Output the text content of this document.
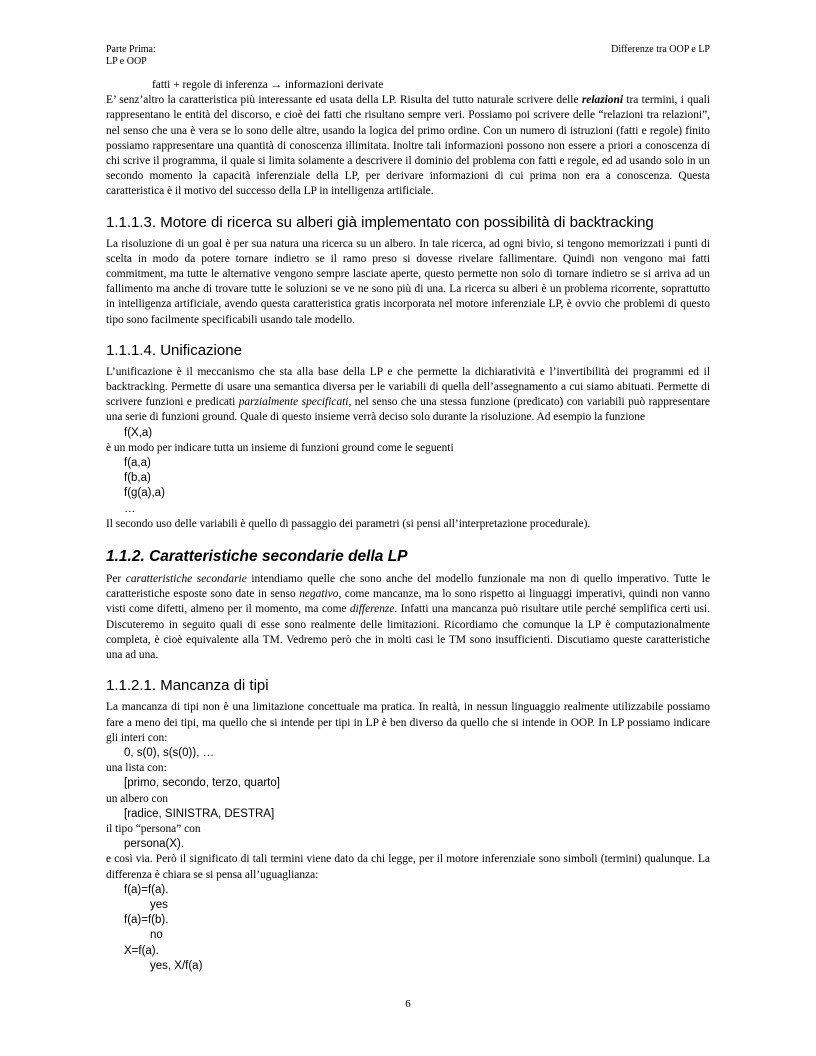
Parte Prima:
LP e OOP
Differenze tra OOP e LP
fatti + regole di inferenza → informazioni derivate

E’ senz’altro la caratteristica più interessante ed usata della LP. Risulta del tutto naturale scrivere delle relazioni tra termini, i quali rappresentano le entità del discorso, e cioè dei fatti che risultano sempre veri. Possiamo poi scrivere delle “relazioni tra relazioni”, nel senso che una è vera se lo sono delle altre, usando la logica del primo ordine. Con un numero di istruzioni (fatti e regole) finito possiamo rappresentare una quantità di conoscenza illimitata. Inoltre tali informazioni possono non essere a priori a conoscenza di chi scrive il programma, il quale si limita solamente a descrivere il dominio del problema con fatti e regole, ed ad usando solo in un secondo momento la capacità inferenziale della LP, per derivare informazioni di cui prima non era a conoscenza. Questa caratteristica è il motivo del successo della LP in intelligenza artificiale.

1.1.1.3. Motore di ricerca su alberi già implementato con possibilità di backtracking

La risoluzione di un goal è per sua natura una ricerca su un albero. In tale ricerca, ad ogni bivio, si tengono memorizzati i punti di scelta in modo da potere tornare indietro se il ramo preso si dovesse rivelare fallimentare. Quindi non vengono mai fatti commitment, ma tutte le alternative vengono sempre lasciate aperte, questo permette non solo di tornare indietro se si arriva ad un fallimento ma anche di trovare tutte le soluzioni se ve ne sono più di una. La ricerca su alberi è un problema ricorrente, soprattutto in intelligenza artificiale, avendo questa caratteristica gratis incorporata nel motore inferenziale LP, è ovvio che problemi di questo tipo sono facilmente specificabili usando tale modello.

1.1.1.4. Unificazione

L’unificazione è il meccanismo che sta alla base della LP e che permette la dichiaratività e l’invertibilità dei programmi ed il backtracking. Permette di usare una semantica diversa per le variabili di quella dell’assegnamento a cui siamo abituati. Permette di scrivere funzioni e predicati parzialmente specificati, nel senso che una stessa funzione (predicato) con variabili può rappresentare una serie di funzioni ground. Quale di questo insieme verrà deciso solo durante la risoluzione. Ad esempio la funzione

f(X,a)

è un modo per indicare tutta un insieme di funzioni ground come le seguenti

f(a,a)
f(b,a)
f(g(a),a)
…

Il secondo uso delle variabili è quello di passaggio dei parametri (si pensi all’interpretazione procedurale).

1.1.2. Caratteristiche secondarie della LP

Per caratteristiche secondarie intendiamo quelle che sono anche del modello funzionale ma non di quello imperativo. Tutte le caratteristiche esposte sono date in senso negativo, come mancanze, ma lo sono rispetto ai linguaggi imperativi, quindi non vanno visti come difetti, almeno per il momento, ma come differenze. Infatti una mancanza può risultare utile perché semplifica certi usi. Discuteremo in seguito quali di esse sono realmente delle limitazioni. Ricordiamo che comunque la LP è computazionalmente completa, è cioè equivalente alla TM. Vedremo però che in molti casi le TM sono insufficienti. Discutiamo queste caratteristiche una ad una.

1.1.2.1. Mancanza di tipi

La mancanza di tipi non è una limitazione concettuale ma pratica. In realtà, in nessun linguaggio realmente utilizzabile possiamo fare a meno dei tipi, ma quello che si intende per tipi in LP è ben diverso da quello che si intende in OOP. In LP possiamo indicare gli interi con:

0, s(0), s(s(0)), …
una lista con:
[primo, secondo, terzo, quarto]
un albero con
[radice, SINISTRA, DESTRA]
il tipo “persona” con
persona(X).

e così via. Però il significato di tali termini viene dato da chi legge, per il motore inferenziale sono simboli (termini) qualunque. La differenza è chiara se si pensa all’uguaglianza:

f(a)=f(a).
yes
f(a)=f(b).
no
X=f(a).
yes, X/f(a)
6
